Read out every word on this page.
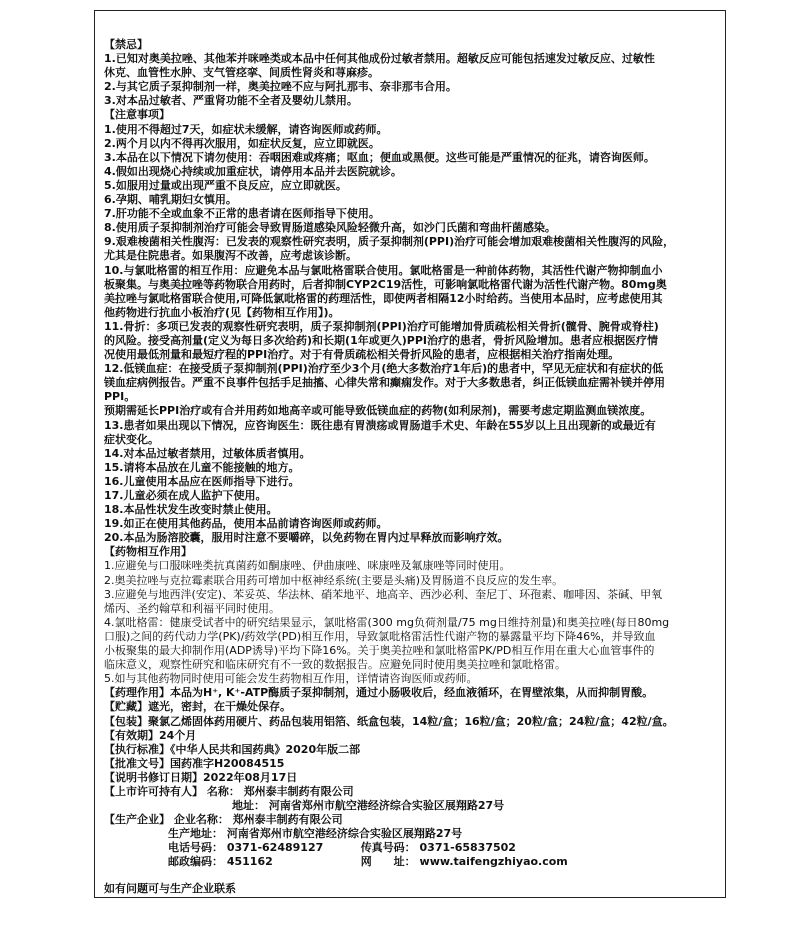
【禁忌】
1.已知对奥美拉唑、其他苯并咪唑类或本品中任何其他成份过敏者禁用。超敏反应可能包括速发过敏反应、过敏性
休克、血管性水肿、支气管痉挛、间质性肾炎和荨麻疹。
2.与其它质子泵抑制剂一样，奥美拉唑不应与阿扎那韦、奈非那韦合用。
3.对本品过敏者、严重肾功能不全者及婴幼儿禁用。
【注意事项】
1.使用不得超过7天，如症状未缓解，请咨询医师或药师。
2.两个月以内不得再次服用，如症状反复，应立即就医。
3.本品在以下情况下请勿使用：吞咽困难或疼痛；呕血；便血或黑便。这些可能是严重情况的征兆，请咨询医师。
4.假如出现烧心持续或加重症状，请停用本品并去医院就诊。
5.如服用过量或出现严重不良反应，应立即就医。
6.孕期、哺乳期妇女慎用。
7.肝功能不全或血象不正常的患者请在医师指导下使用。
8.使用质子泵抑制剂治疗可能会导致胃肠道感染风险轻微升高，如沙门氏菌和弯曲杆菌感染。
9.艰难梭菌相关性腹泻：已发表的观察性研究表明，质子泵抑制剂(PPI)治疗可能会增加艰难梭菌相关性腹泻的风险，
尤其是住院患者。如果腹泻不改善，应考虑该诊断。
10.与氯吡格雷的相互作用：应避免本品与氯吡格雷联合使用。氯吡格雷是一种前体药物，其活性代谢产物抑制血小
板聚集。与奥美拉唑等药物联合用药时，后者抑制CYP2C19活性，可影响氯吡格雷代谢为活性代谢产物。80mg奥
美拉唑与氯吡格雷联合使用,可降低氯吡格雷的药理活性，即使两者相隔12小时给药。当使用本品时，应考虑使用其
他药物进行抗血小板治疗(见【药物相互作用】)。
11.骨折：多项已发表的观察性研究表明，质子泵抑制剂(PPI)治疗可能增加骨质疏松相关骨折(髋骨、腕骨或脊柱)
的风险。接受高剂量(定义为每日多次给药)和长期(1年或更久)PPI治疗的患者，骨折风险增加。患者应根据医疗情
况使用最低剂量和最短疗程的PPI治疗。对于有骨质疏松相关骨折风险的患者，应根据相关治疗指南处理。
12.低镁血症：在接受质子泵抑制剂(PPI)治疗至少3个月(绝大多数治疗1年后)的患者中，罕见无症状和有症状的低
镁血症病例报告。严重不良事件包括手足抽搐、心律失常和癫痫发作。对于大多数患者，纠正低镁血症需补镁并停用
PPI。
预期需延长PPI治疗或有合并用药如地高辛或可能导致低镁血症的药物(如利尿剂)，需要考虑定期监测血镁浓度。
13.患者如果出现以下情况，应咨询医生：既往患有胃溃疡或胃肠道手术史、年龄在55岁以上且出现新的或最近有
症状变化。
14.对本品过敏者禁用，过敏体质者慎用。
15.请将本品放在儿童不能接触的地方。
16.儿童使用本品应在医师指导下进行。
17.儿童必须在成人监护下使用。
18.本品性状发生改变时禁止使用。
19.如正在使用其他药品，使用本品前请咨询医师或药师。
20.本品为肠溶胶囊，服用时注意不要嚼碎，以免药物在胃内过早释放而影响疗效。
【药物相互作用】
1.应避免与口服咪唑类抗真菌药如酮康唑、伊曲康唑、咪康唑及氟康唑等同时使用。
2.奥美拉唑与克拉霉素联合用药可增加中枢神经系统(主要是头痛)及胃肠道不良反应的发生率。
3.应避免与地西泮(安定)、苯妥英、华法林、硝苯地平、地高辛、西沙必利、奎尼丁、环孢素、咖啡因、茶碱、甲氧
烯丙、圣约翰草和利福平同时使用。
4.氯吡格雷：健康受试者中的研究结果显示，氯吡格雷(300 mg负荷剂量/75 mg日维持剂量)和奥美拉唑(每日80mg
口服)之间的药代动力学(PK)/药效学(PD)相互作用，导致氯吡格雷活性代谢产物的暴露量平均下降46%，并导致血
小板聚集的最大抑制作用(ADP诱导)平均下降16%。关于奥美拉唑和氯吡格雷PK/PD相互作用在重大心血管事件的
临床意义，观察性研究和临床研究有不一致的数据报告。应避免同时使用奥美拉唑和氯吡格雷。
5.如与其他药物同时使用可能会发生药物相互作用，详情请咨询医师或药师。
【药理作用】本品为H⁺, K⁺-ATP酶质子泵抑制剂，通过小肠吸收后，经血液循环，在胃壁浓集，从而抑制胃酸。
【贮藏】遮光，密封，在干燥处保存。
【包装】聚氯乙烯固体药用硬片、药品包装用铝箔、纸盒包装，14粒/盒；16粒/盒；20粒/盒；24粒/盒；42粒/盒。
【有效期】24个月
【执行标准】《中华人民共和国药典》2020年版二部
【批准文号】国药准字H20084515
【说明书修订日期】2022年08月17日
【上市许可持有人】 名称： 郑州泰丰制药有限公司
地址： 河南省郑州市航空港经济综合实验区展翔路27号
【生产企业】 企业名称： 郑州泰丰制药有限公司
生产地址： 河南省郑州市航空港经济综合实验区展翔路27号
电话号码： 0371-62489127	传真号码： 0371-65837502
邮政编码： 451162	网　　址： www.taifengzhiyao.com
如有问题可与生产企业联系
